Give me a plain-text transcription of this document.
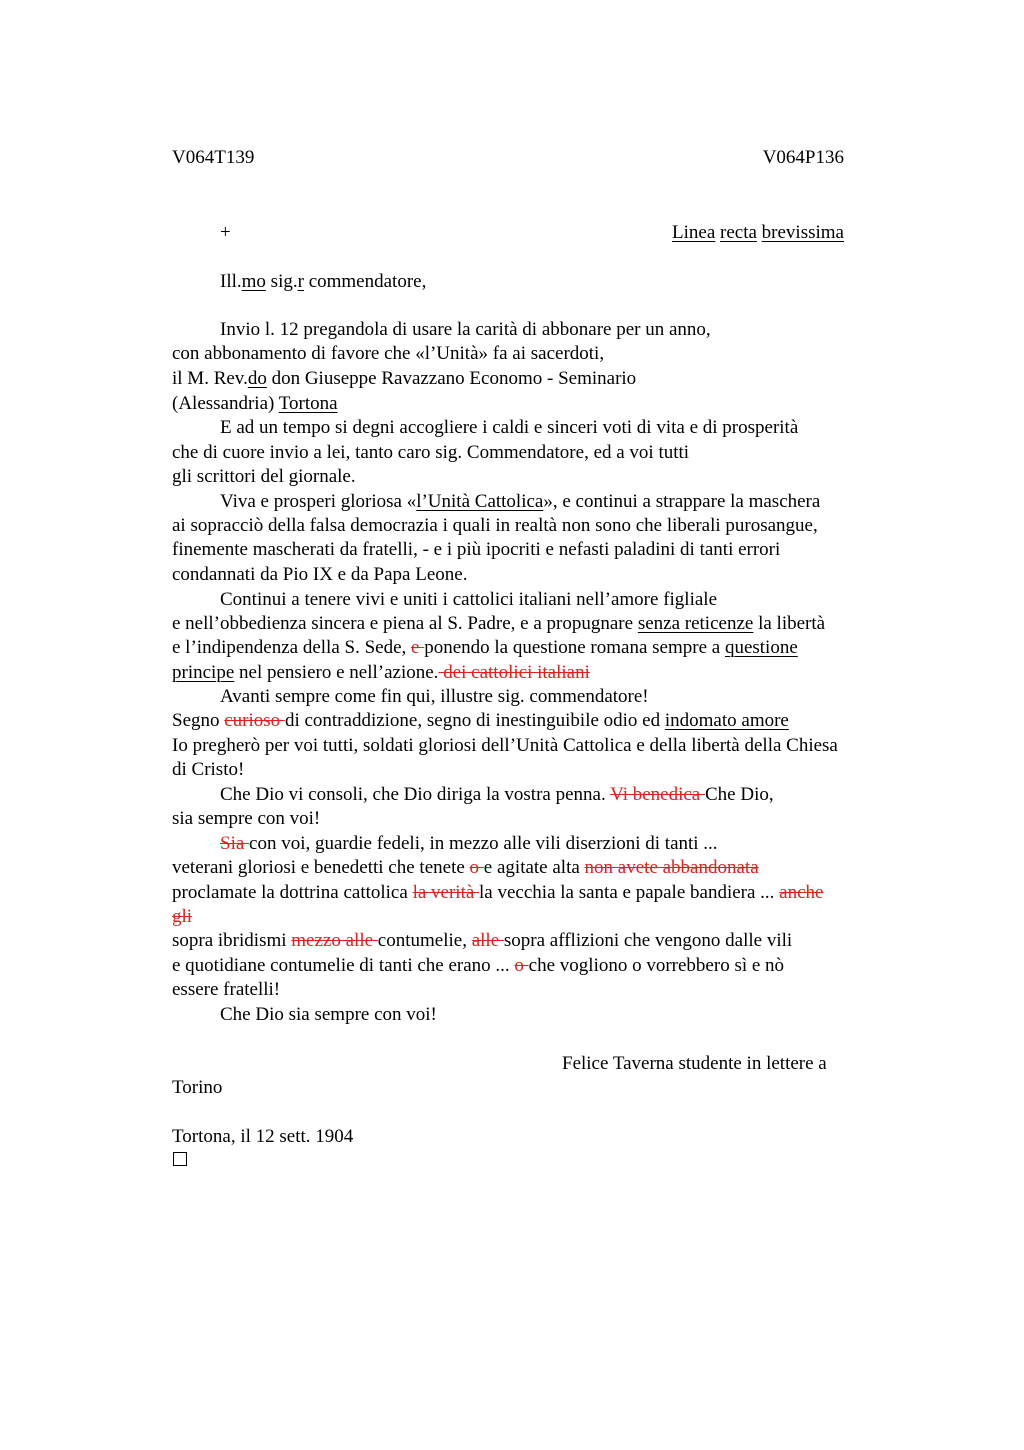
V064T139	V064P136
+	Linea recta brevissima
Ill.mo sig.r commendatore,
Invio l. 12 pregandola di usare la carità di abbonare per un anno,
con abbonamento di favore che «l’Unità» fa ai sacerdoti,
il M. Rev.do don Giuseppe Ravazzano Economo - Seminario
(Alessandria) Tortona
E ad un tempo si degni accogliere i caldi e sinceri voti di vita e di prosperità
che di cuore invio a lei, tanto caro sig. Commendatore, ed a voi tutti
gli scrittori del giornale.
Viva e prosperi gloriosa «l’Unità Cattolica», e continui a strappare la maschera
ai sopracciò della falsa democrazia i quali in realtà non sono che liberali purosangue,
finemente mascherati da fratelli, - e i più ipocriti e nefasti paladini di tanti errori
condannati da Pio IX e da Papa Leone.
Continui a tenere vivi e uniti i cattolici italiani nell’amore figliale
e nell’obbedienza sincera e piena al S. Padre, e a propugnare senza reticenze la libertà
e l’indipendenza della S. Sede, e ponendo la questione romana sempre a questione
principe nel pensiero e nell’azione. dei cattolici italiani
Avanti sempre come fin qui, illustre sig. commendatore!
Segno curioso di contraddizione, segno di inestinguibile odio ed indomato amore
Io pregherò per voi tutti, soldati gloriosi dell’Unità Cattolica e della libertà della Chiesa
di Cristo!
Che Dio vi consoli, che Dio diriga la vostra penna. Vi benedica Che Dio,
sia sempre con voi!
Sia con voi, guardie fedeli, in mezzo alle vili diserzioni di tanti ...
veterani gloriosi e benedetti che tenete o e agitate alta non avete abbandonata
proclamate la dottrina cattolica la verità la vecchia la santa e papale bandiera ... anche
gli
sopra ibridismi mezzo alle contumelie, alle sopra afflizioni che vengono dalle vili
e quotidiane contumelie di tanti che erano ... o che vogliono o vorrebbero sì e nò
essere fratelli!
Che Dio sia sempre con voi!
Felice Taverna studente in lettere a
Torino
Tortona, il 12 sett. 1904
